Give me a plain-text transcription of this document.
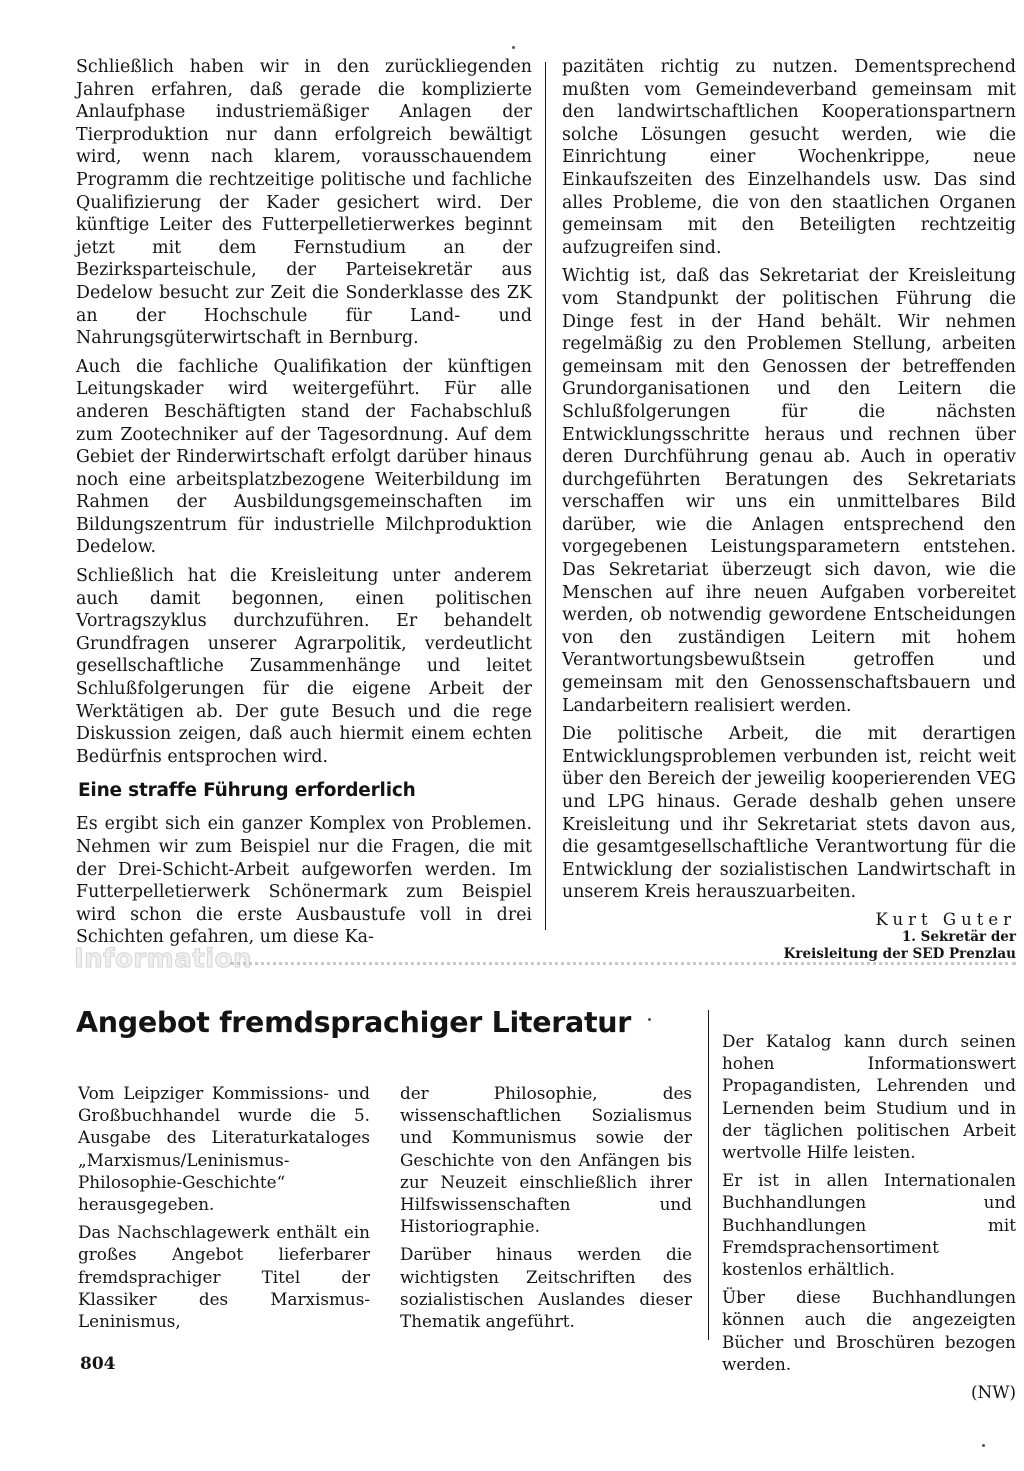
Schließlich haben wir in den zurückliegenden Jahren erfahren, daß gerade die komplizierte Anlaufphase industriemäßiger Anlagen der Tierproduktion nur dann erfolgreich bewältigt wird, wenn nach klarem, vorausschauendem Programm die rechtzeitige politische und fachliche Qualifizierung der Kader gesichert wird. Der künftige Leiter des Futterpelletierwerkes beginnt jetzt mit dem Fernstudium an der Bezirksparteischule, der Parteisekretär aus Dedelow besucht zur Zeit die Sonderklasse des ZK an der Hochschule für Land- und Nahrungsgüterwirtschaft in Bernburg.

Auch die fachliche Qualifikation der künftigen Leitungskader wird weitergeführt. Für alle anderen Beschäftigten stand der Fachabschluß zum Zootechniker auf der Tagesordnung. Auf dem Gebiet der Rinderwirtschaft erfolgt darüber hinaus noch eine arbeitsplatzbezogene Weiterbildung im Rahmen der Ausbildungsgemeinschaften im Bildungszentrum für industrielle Milchproduktion Dedelow.

Schließlich hat die Kreisleitung unter anderem auch damit begonnen, einen politischen Vortragszyklus durchzuführen. Er behandelt Grundfragen unserer Agrarpolitik, verdeutlicht gesellschaftliche Zusammenhänge und leitet Schlußfolgerungen für die eigene Arbeit der Werktätigen ab. Der gute Besuch und die rege Diskussion zeigen, daß auch hiermit einem echten Bedürfnis entsprochen wird.

Eine straffe Führung erforderlich

Es ergibt sich ein ganzer Komplex von Problemen. Nehmen wir zum Beispiel nur die Fragen, die mit der Drei-Schicht-Arbeit aufgeworfen werden. Im Futterpelletierwerk Schönermark zum Beispiel wird schon die erste Ausbaustufe voll in drei Schichten gefahren, um diese Ka-

pazitäten richtig zu nutzen. Dementsprechend mußten vom Gemeindeverband gemeinsam mit den landwirtschaftlichen Kooperationspartnern solche Lösungen gesucht werden, wie die Einrichtung einer Wochenkrippe, neue Einkaufszeiten des Einzelhandels usw. Das sind alles Probleme, die von den staatlichen Organen gemeinsam mit den Beteiligten rechtzeitig aufzugreifen sind.

Wichtig ist, daß das Sekretariat der Kreisleitung vom Standpunkt der politischen Führung die Dinge fest in der Hand behält. Wir nehmen regelmäßig zu den Problemen Stellung, arbeiten gemeinsam mit den Genossen der betreffenden Grundorganisationen und den Leitern die Schlußfolgerungen für die nächsten Entwicklungsschritte heraus und rechnen über deren Durchführung genau ab. Auch in operativ durchgeführten Beratungen des Sekretariats verschaffen wir uns ein unmittelbares Bild darüber, wie die Anlagen entsprechend den vorgegebenen Leistungsparametern entstehen. Das Sekretariat überzeugt sich davon, wie die Menschen auf ihre neuen Aufgaben vorbereitet werden, ob notwendig gewordene Entscheidungen von den zuständigen Leitern mit hohem Verantwortungsbewußtsein getroffen und gemeinsam mit den Genossenschaftsbauern und Landarbeitern realisiert werden.

Die politische Arbeit, die mit derartigen Entwicklungsproblemen verbunden ist, reicht weit über den Bereich der jeweilig kooperierenden VEG und LPG hinaus. Gerade deshalb gehen unsere Kreisleitung und ihr Sekretariat stets davon aus, die gesamtgesellschaftliche Verantwortung für die Entwicklung der sozialistischen Landwirtschaft in unserem Kreis herauszuarbeiten.

Kurt Guter
1. Sekretär der
Kreisleitung der SED Prenzlau
Information
Angebot fremdsprachiger Literatur

Vom Leipziger Kommissions- und Großbuchhandel wurde die 5. Ausgabe des Literaturkataloges „Marxismus/Leninismus-Philosophie-Geschichte“ herausgegeben.

Das Nachschlagewerk enthält ein großes Angebot lieferbarer fremdsprachiger Titel der Klassiker des Marxismus-Leninismus,

der Philosophie, des wissenschaftlichen Sozialismus und Kommunismus sowie der Geschichte von den Anfängen bis zur Neuzeit einschließlich ihrer Hilfswissenschaften und Historiographie.

Darüber hinaus werden die wichtigsten Zeitschriften des sozialistischen Auslandes dieser Thematik angeführt.

Der Katalog kann durch seinen hohen Informationswert Propagandisten, Lehrenden und Lernenden beim Studium und in der täglichen politischen Arbeit wertvolle Hilfe leisten.

Er ist in allen Internationalen Buchhandlungen und Buchhandlungen mit Fremdsprachensortiment kostenlos erhältlich.

Über diese Buchhandlungen können auch die angezeigten Bücher und Broschüren bezogen werden.

(NW)

804
